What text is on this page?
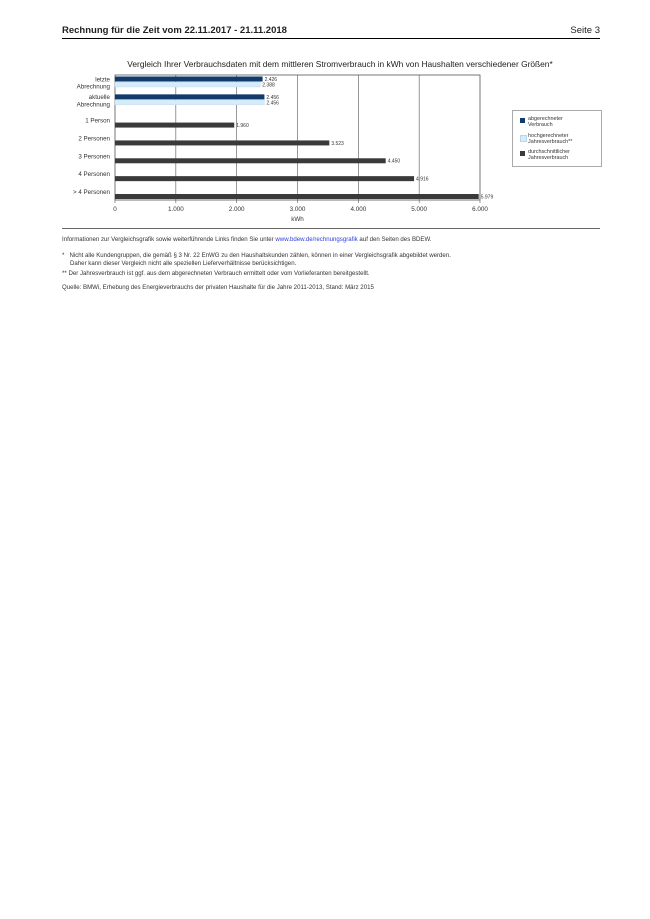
Rechnung für die Zeit vom 22.11.2017 - 21.11.2018	Seite 3
Vergleich Ihrer Verbrauchsdaten mit dem mittleren Stromverbrauch in kWh von Haushalten verschiedener Größen*
0	1.000	2.000	3.000	4.000	5.000	6.000
kWh
letzte
Abrechnung
2.426
2.388
aktuelle
Abrechnung
2.456
2.456
1 Person
1.960
2 Personen
3.523
3 Personen
4.450
4 Personen
4.916
> 4 Personen
5.979
abgerechneter
Verbrauch
hochgerechneter
Jahresverbrauch**
durchschnittlicher
Jahresverbrauch
Informationen zur Vergleichsgrafik sowie weiterführende Links finden Sie unter www.bdew.de/rechnungsgrafik auf den Seiten des BDEW.
* Nicht alle Kundengruppen, die gemäß § 3 Nr. 22 EnWG zu den Haushaltskunden zählen, können in einer Vergleichsgrafik abgebildet werden.
Daher kann dieser Vergleich nicht alle speziellen Lieferverhältnisse berücksichtigen.
** Der Jahresverbrauch ist ggf. aus dem abgerechneten Verbrauch ermittelt oder vom Vorlieferanten bereitgestellt.
Quelle: BMWi, Erhebung des Energieverbrauchs der privaten Haushalte für die Jahre 2011-2013, Stand: März 2015
